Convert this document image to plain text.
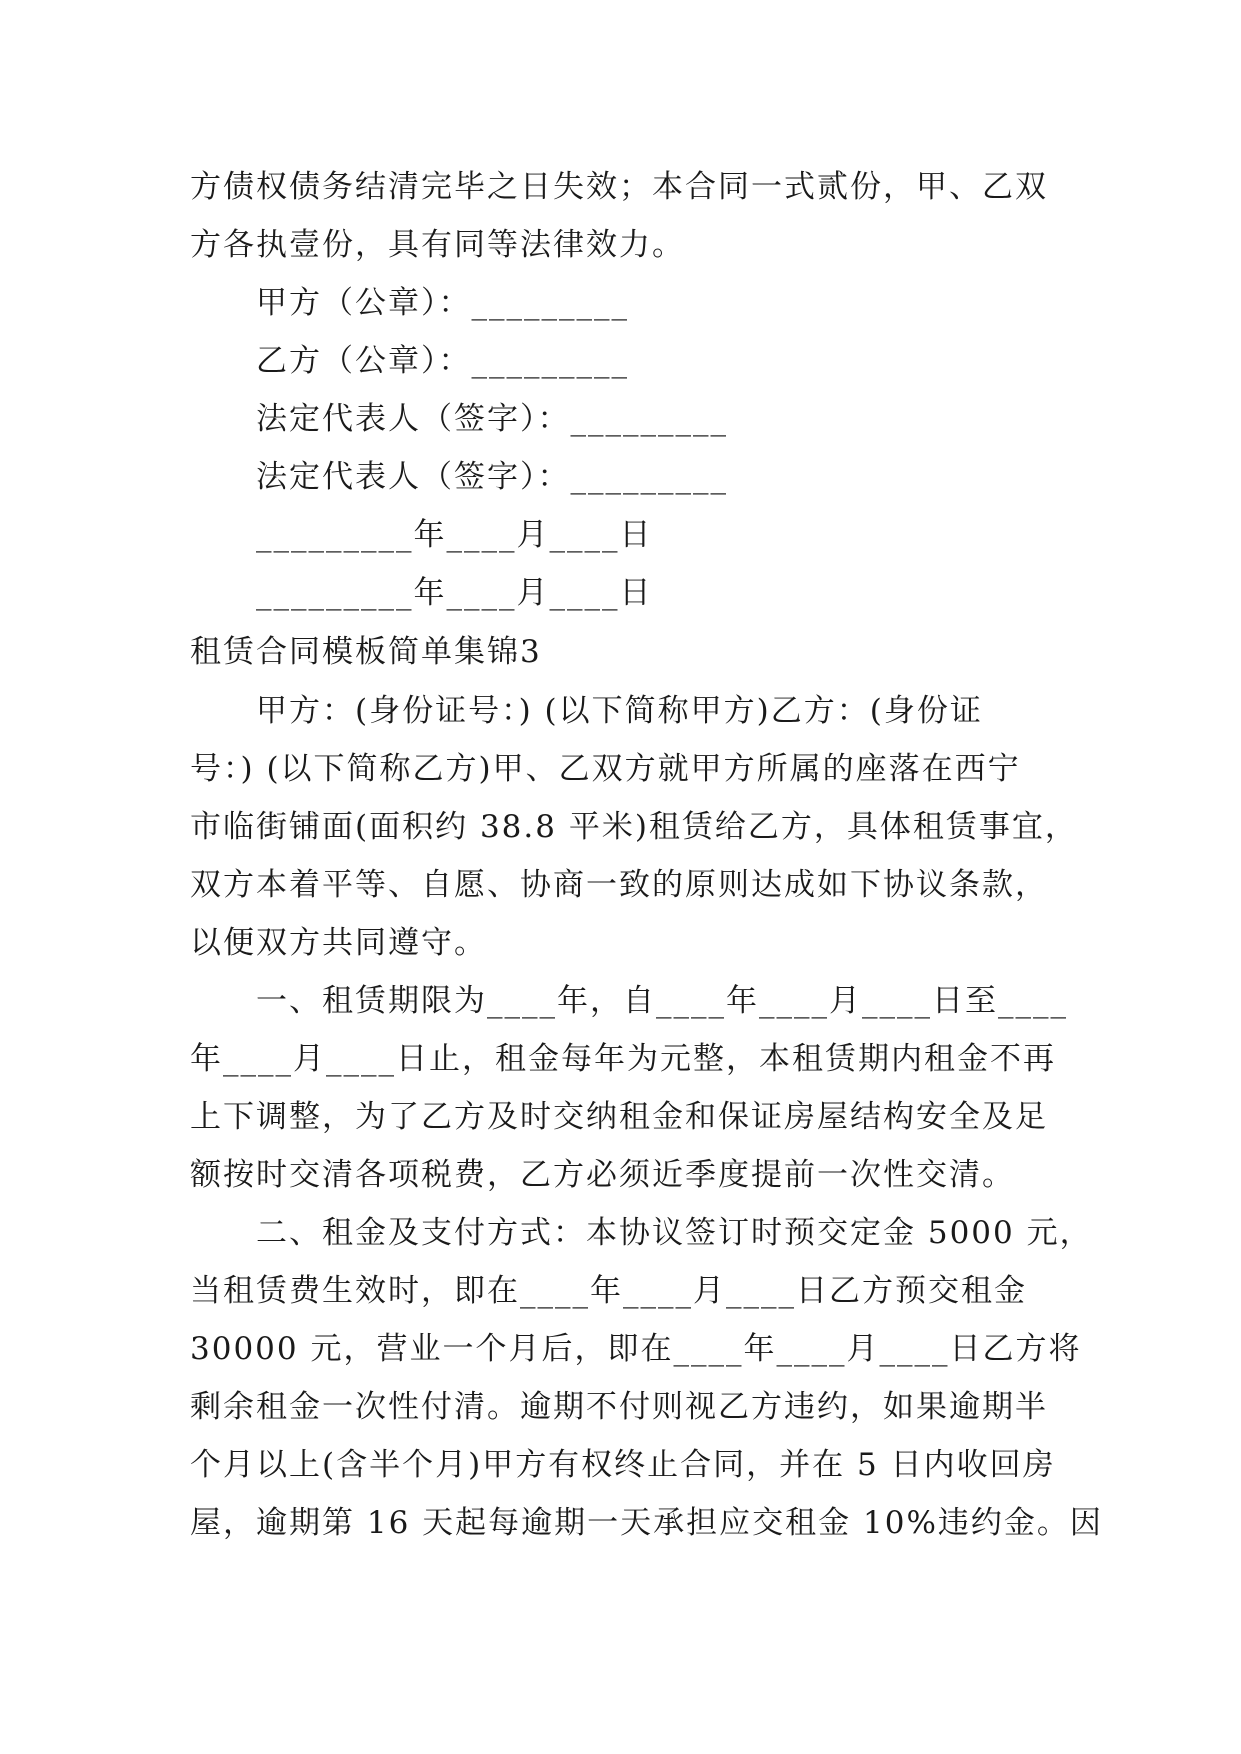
方债权债务结清完毕之日失效；本合同一式贰份，甲、乙双
方各执壹份，具有同等法律效力。
甲方（公章）：_________
乙方（公章）：_________
法定代表人（签字）：_________
法定代表人（签字）：_________
_________年____月____日
_________年____月____日
租赁合同模板简单集锦3
甲方：(身份证号：) (以下简称甲方)乙方：(身份证
号：) (以下简称乙方)甲、乙双方就甲方所属的座落在西宁
市临街铺面(面积约 38.8 平米)租赁给乙方，具体租赁事宜，
双方本着平等、自愿、协商一致的原则达成如下协议条款，
以便双方共同遵守。
一、租赁期限为____年，自____年____月____日至____
年____月____日止，租金每年为元整，本租赁期内租金不再
上下调整，为了乙方及时交纳租金和保证房屋结构安全及足
额按时交清各项税费，乙方必须近季度提前一次性交清。
二、租金及支付方式：本协议签订时预交定金 5000 元，
当租赁费生效时，即在____年____月____日乙方预交租金
30000 元，营业一个月后，即在____年____月____日乙方将
剩余租金一次性付清。逾期不付则视乙方违约，如果逾期半
个月以上(含半个月)甲方有权终止合同，并在 5 日内收回房
屋，逾期第 16 天起每逾期一天承担应交租金 10%违约金。因
